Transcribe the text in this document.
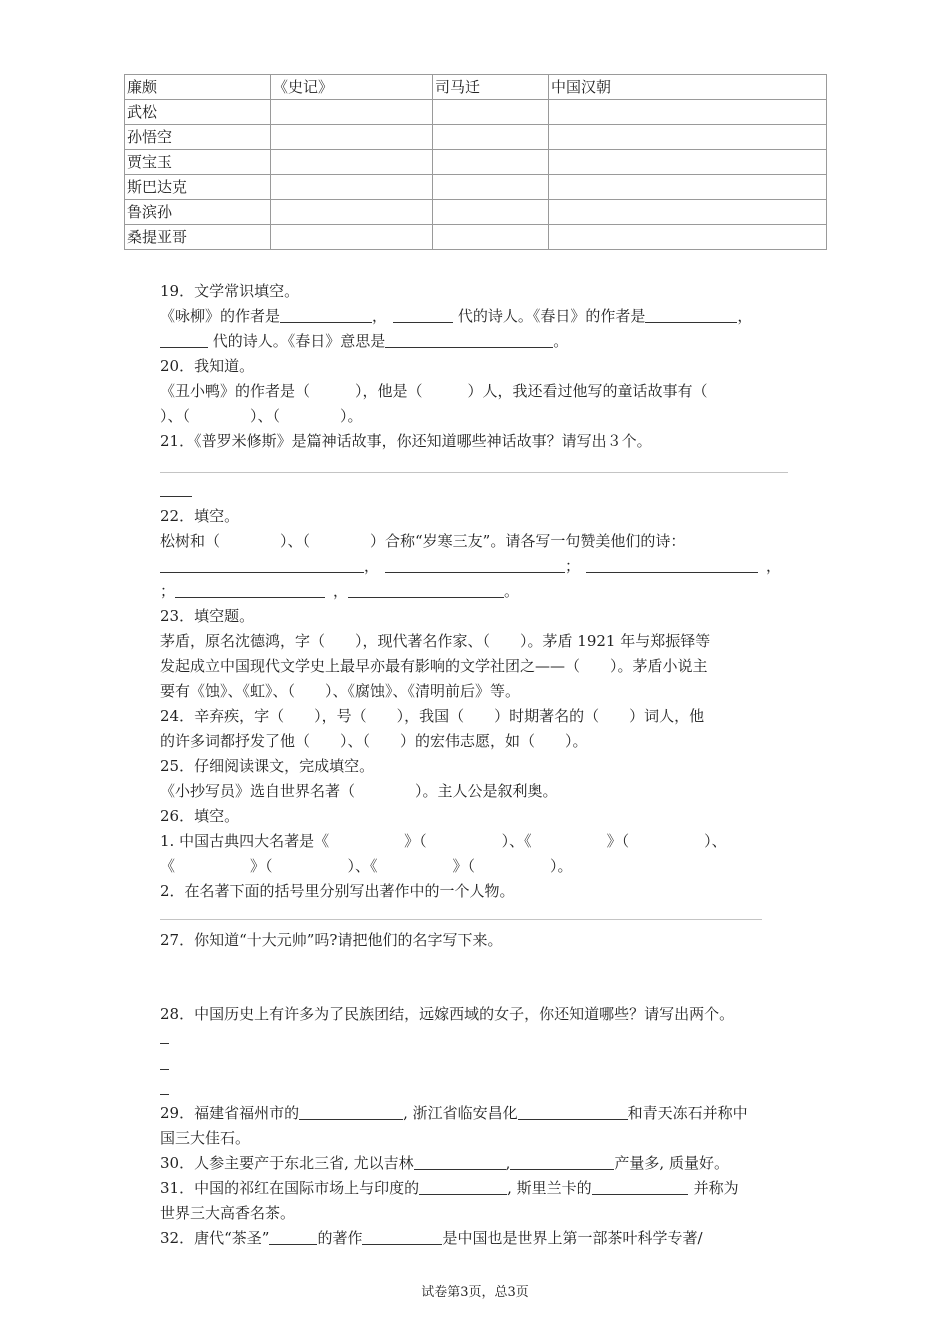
廉颇	《史记》	司马迁	中国汉朝
武松			
孙悟空			
贾宝玉			
斯巴达克			
鲁滨孙			
桑提亚哥			
19．文学常识填空。
《咏柳》的作者是	，	代的诗人。《春日》的作者是	，
代的诗人。《春日》意思是	。
20．我知道。
《丑小鸭》的作者是（　　　），他是（　　　）人，我还看过他写的童话故事有（
）、（　　　　）、（　　　　）。
21．《普罗米修斯》是篇神话故事，你还知道哪些神话故事？请写出３个。
22．填空。
松树和（　　　　）、（　　　　）合称“岁寒三友”。请各写一句赞美他们的诗：
，	；	，
；	，	。
23．填空题。
茅盾，原名沈德鸿，字（　　），现代著名作家、（　　）。茅盾 1921 年与郑振铎等
发起成立中国现代文学史上最早亦最有影响的文学社团之——（　　）。茅盾小说主
要有《蚀》、《虹》、（　　）、《腐蚀》、《清明前后》等。
24．辛弃疾，字（　　），号（　　），我国（　　）时期著名的（　　）词人，他
的许多词都抒发了他（　　）、（　　）的宏伟志愿，如（　　）。
25．仔细阅读课文，完成填空。
《小抄写员》选自世界名著（　　　　）。主人公是叙利奥。
26．填空。
1. 中国古典四大名著是《　　　　　》（　　　　　）、《　　　　　》（　　　　　）、
《　　　　　》（　　　　　）、《　　　　　》（　　　　　）。
2．在名著下面的括号里分别写出著作中的一个人物。
27．你知道“十大元帅”吗?请把他们的名字写下来。
28．中国历史上有许多为了民族团结，远嫁西域的女子，你还知道哪些？请写出两个。
29．福建省福州市的	, 浙江省临安昌化	和青天冻石并称中
国三大佳石。
30．人参主要产于东北三省, 尤以吉林	,	产量多, 质量好。
31．中国的祁红在国际市场上与印度的	, 斯里兰卡的	并称为
世界三大高香名茶。
32．唐代“茶圣”	的著作	是中国也是世界上第一部茶叶科学专著/
试卷第3页，总3页
